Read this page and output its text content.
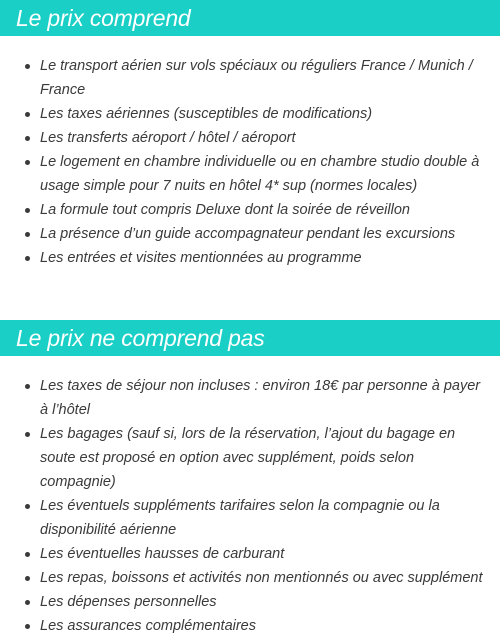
Le prix comprend
Le transport aérien sur vols spéciaux ou réguliers France / Munich / France
Les taxes aériennes (susceptibles de modifications)
Les transferts aéroport / hôtel / aéroport
Le logement en chambre individuelle ou en chambre studio double à usage simple pour 7 nuits en hôtel 4* sup (normes locales)
La formule tout compris Deluxe dont la soirée de réveillon
La présence d’un guide accompagnateur pendant les excursions
Les entrées et visites mentionnées au programme
Le prix ne comprend pas
Les taxes de séjour non incluses : environ 18€ par personne à payer à l’hôtel
Les bagages (sauf si, lors de la réservation, l’ajout du bagage en soute est proposé en option avec supplément, poids selon compagnie)
Les éventuels suppléments tarifaires selon la compagnie ou la disponibilité aérienne
Les éventuelles hausses de carburant
Les repas, boissons et activités non mentionnés ou avec supplément
Les dépenses personnelles
Les assurances complémentaires
